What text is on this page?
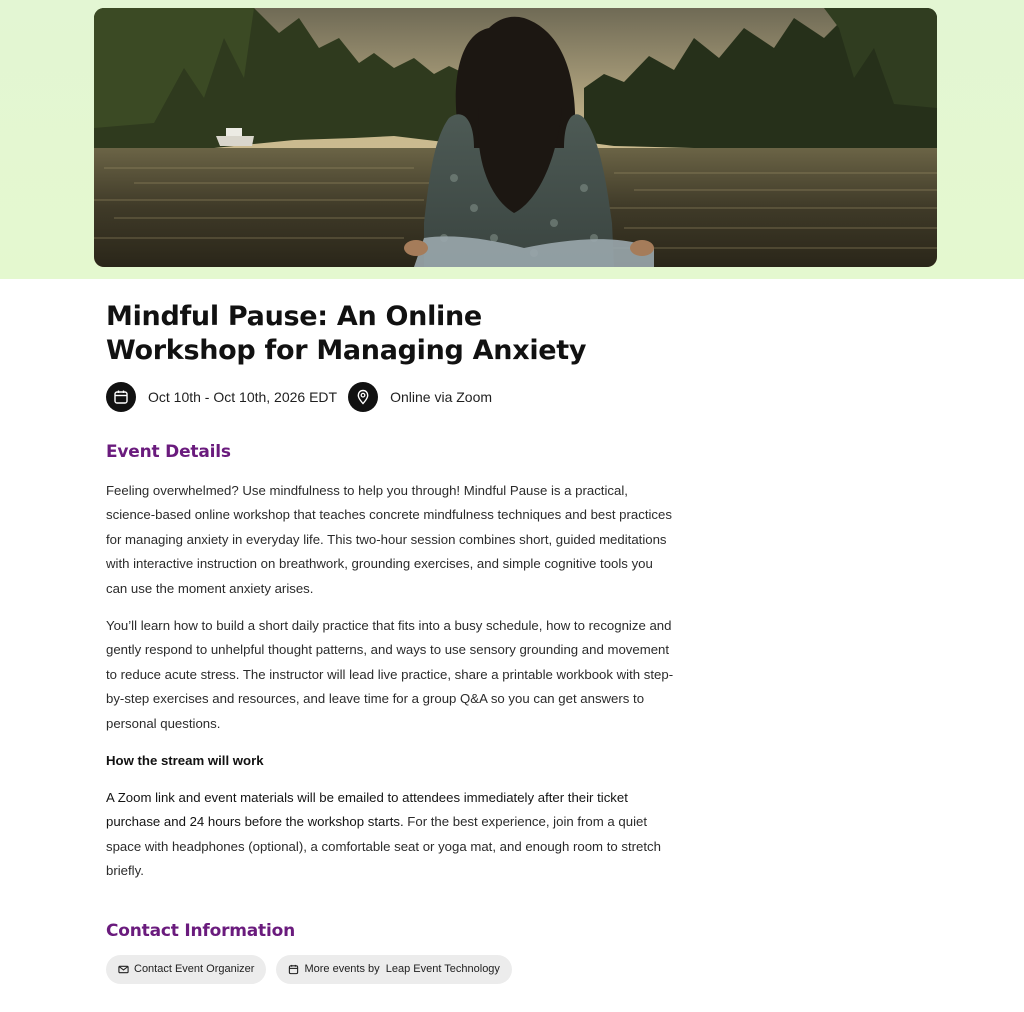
Mindful Pause: An Online Workshop for Managing Anxiety
Oct 10th - Oct 10th, 2026 EDT	Online via Zoom
Event Details

Feeling overwhelmed? Use mindfulness to help you through! Mindful Pause is a practical, science-based online workshop that teaches concrete mindfulness techniques and best practices for managing anxiety in everyday life. This two-hour session combines short, guided meditations with interactive instruction on breathwork, grounding exercises, and simple cognitive tools you can use the moment anxiety arises.

You’ll learn how to build a short daily practice that fits into a busy schedule, how to recognize and gently respond to unhelpful thought patterns, and ways to use sensory grounding and movement to reduce acute stress. The instructor will lead live practice, share a printable workbook with step-by-step exercises and resources, and leave time for a group Q&A so you can get answers to personal questions.

How the stream will work

A Zoom link and event materials will be emailed to attendees immediately after their ticket purchase and 24 hours before the workshop starts. For the best experience, join from a quiet space with headphones (optional), a comfortable seat or yoga mat, and enough room to stretch briefly.

Contact Information
Contact Event Organizer	More events by  Leap Event Technology
